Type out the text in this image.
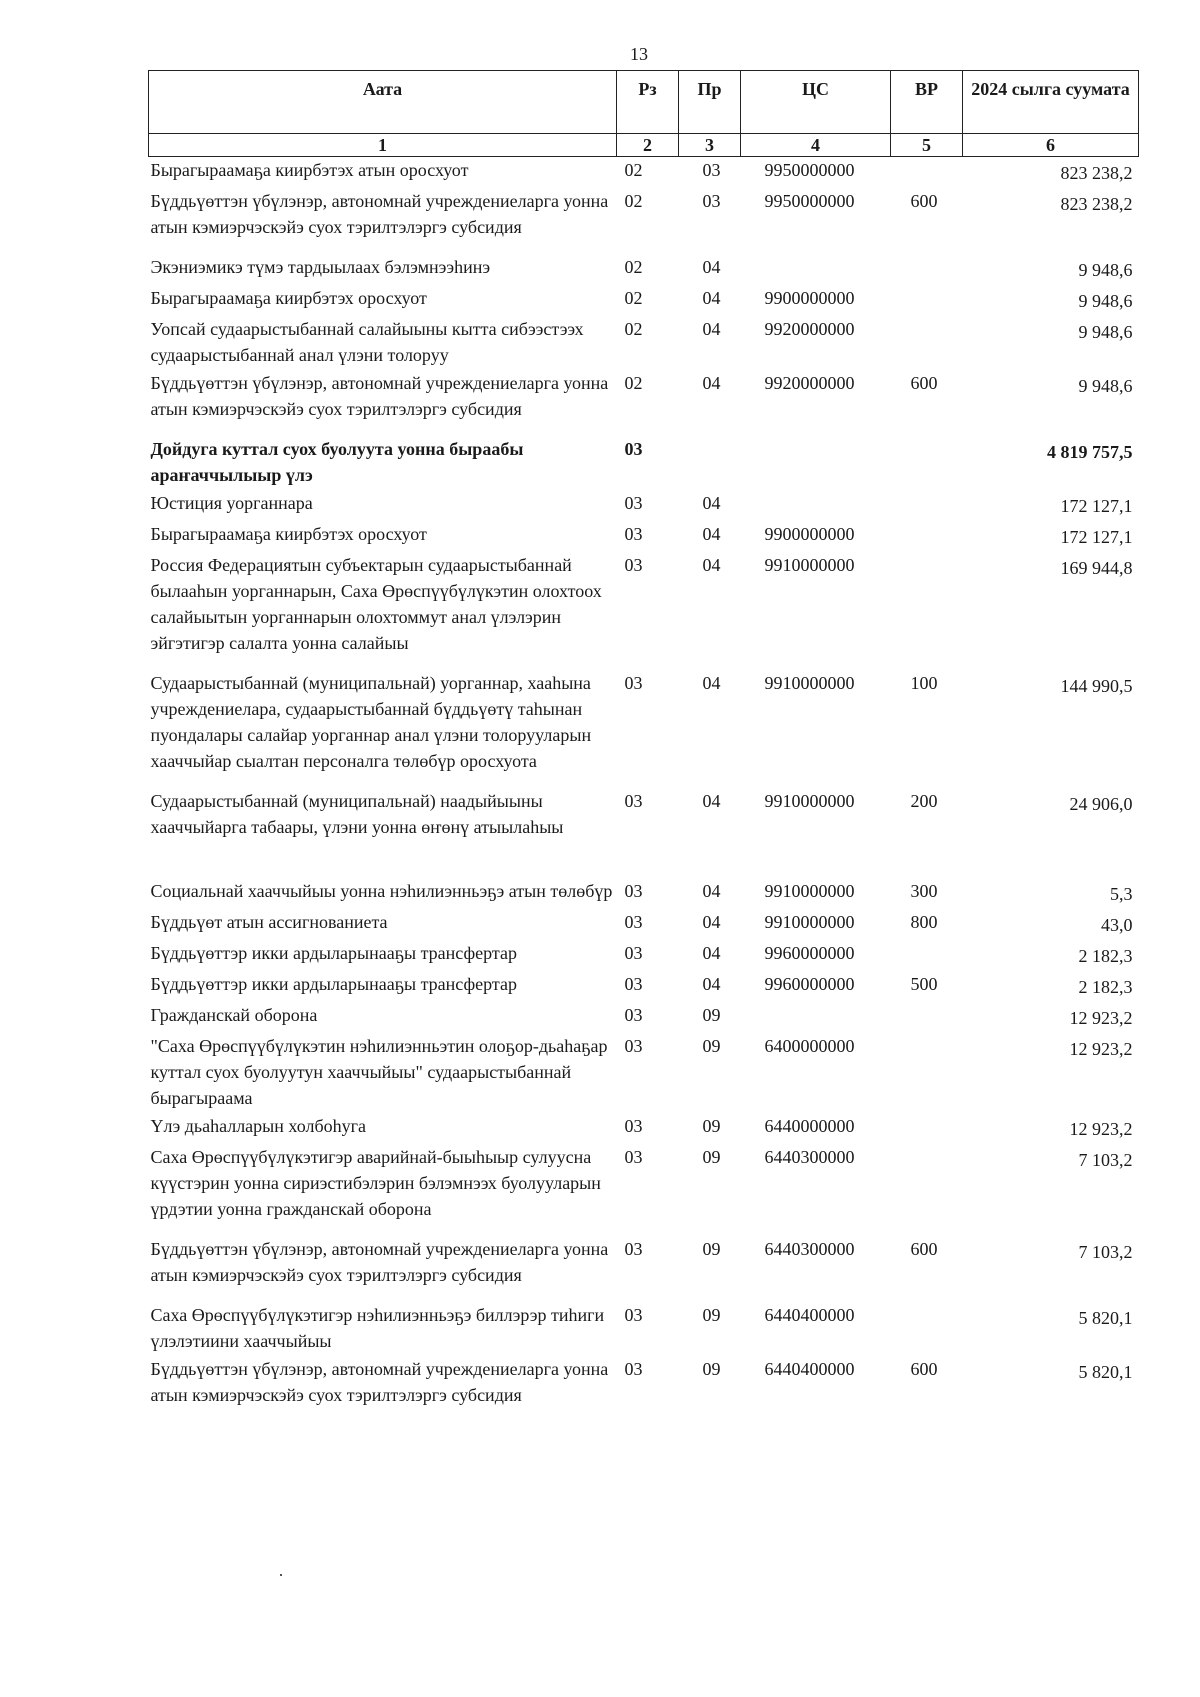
13
Аата	Рз	Пр	ЦС	ВР	2024 сылга суумата
1	2	3	4	5	6
Бырагыраамаҕа киирбэтэх атын оросхуот	02	03	9950000000		823 238,2
Бүддьүөттэн үбүлэнэр, автономнай учреждениеларга уонна атын кэмиэрчэскэйэ суох тэрилтэлэргэ субсидия	02	03	9950000000	600	823 238,2
Экэниэмикэ түмэ тардыылаах бэлэмнээһинэ	02	04			9 948,6
Бырагыраамаҕа киирбэтэх оросхуот	02	04	9900000000		9 948,6
Уопсай судаарыстыбаннай салайыыны кытта сибээстээх судаарыстыбаннай анал үлэни толоруу	02	04	9920000000		9 948,6
Бүддьүөттэн үбүлэнэр, автономнай учреждениеларга уонна атын кэмиэрчэскэйэ суох тэрилтэлэргэ субсидия	02	04	9920000000	600	9 948,6
Дойдуга куттал суох буолуута уонна быраабы араҥаччылыыр үлэ	03				4 819 757,5
Юстиция уорганнара	03	04			172 127,1
Бырагыраамаҕа киирбэтэх оросхуот	03	04	9900000000		172 127,1
Россия Федерациятын субъектарын судаарыстыбаннай былааһын уорганнарын, Саха Өрөспүүбүлүкэтин олохтоох салайыытын уорганнарын олохтоммут анал үлэлэрин эйгэтигэр салалта уонна салайыы	03	04	9910000000		169 944,8
Судаарыстыбаннай (муниципальнай) уорганнар, хааһына учреждениелара, судаарыстыбаннай бүддьүөтү таһынан пуондалары салайар уорганнар анал үлэни толорууларын хааччыйар сыалтан персоналга төлөбүр оросхуота	03	04	9910000000	100	144 990,5
Судаарыстыбаннай (муниципальнай) наадыйыыны хааччыйарга табаары, үлэни уонна өҥөнү атыылаһыы	03	04	9910000000	200	24 906,0
Социальнай хааччыйыы уонна нэһилиэнньэҕэ атын төлөбүр	03	04	9910000000	300	5,3
Бүддьүөт атын ассигнованиета	03	04	9910000000	800	43,0
Бүддьүөттэр икки ардыларынааҕы трансфертар	03	04	9960000000		2 182,3
Бүддьүөттэр икки ардыларынааҕы трансфертар	03	04	9960000000	500	2 182,3
Гражданскай оборона	03	09			12 923,2
"Саха Өрөспүүбүлүкэтин нэһилиэнньэтин олоҕор-дьаһаҕар куттал суох буолуутун хааччыйыы" судаарыстыбаннай бырагыраама	03	09	6400000000		12 923,2
Үлэ дьаһалларын холбоһуга	03	09	6440000000		12 923,2
Саха Өрөспүүбүлүкэтигэр аварийнай-быыһыыр сулуусна күүстэрин уонна сириэстибэлэрин бэлэмнээх буолууларын үрдэтии уонна гражданскай оборона	03	09	6440300000		7 103,2
Бүддьүөттэн үбүлэнэр, автономнай учреждениеларга уонна атын кэмиэрчэскэйэ суох тэрилтэлэргэ субсидия	03	09	6440300000	600	7 103,2
Саха Өрөспүүбүлүкэтигэр нэһилиэнньэҕэ биллэрэр тиһиги үлэлэтиини хааччыйыы	03	09	6440400000		5 820,1
Бүддьүөттэн үбүлэнэр, автономнай учреждениеларга уонна атын кэмиэрчэскэйэ суох тэрилтэлэргэ субсидия	03	09	6440400000	600	5 820,1
